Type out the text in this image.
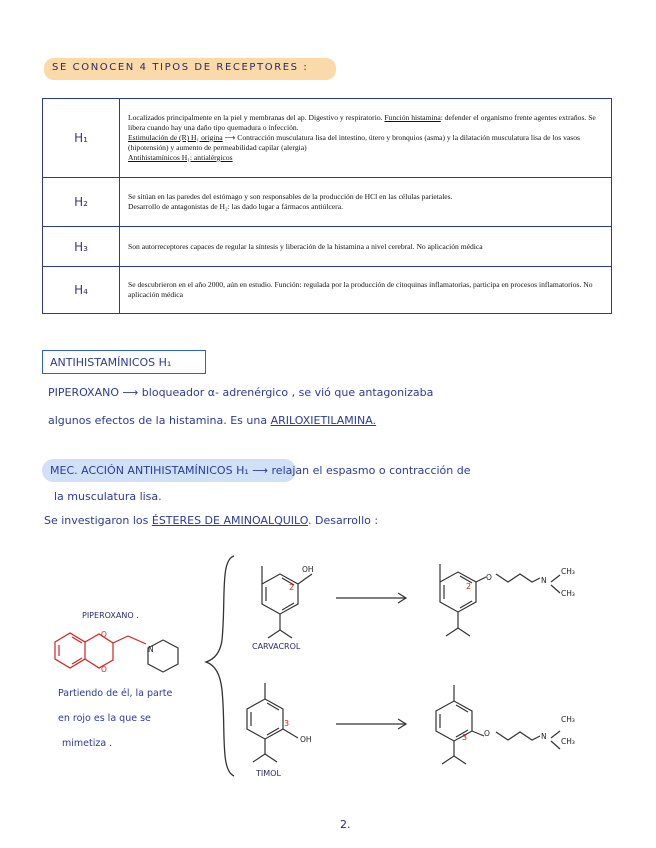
SE CONOCEN 4 TIPOS DE RECEPTORES :
H₁	Localizados principalmente en la piel y membranas del ap. Digestivo y respiratorio. Función histamina: defender el organismo frente agentes extraños. Se libera cuando hay una daño tipo quemadura o infección.
Estimulación de (R) H₁ origina ⟶ Contracción musculatura lisa del intestino, útero y bronquios (asma) y la dilatación musculatura lisa de los vasos (hipotensión) y aumento de permeabilidad capilar (alergia)
Antihistamínicos H₁: antialérgicos

H₂	Se sitúan en las paredes del estómago y son responsables de la producción de HCl en las células parietales.
Desarrollo de antagonistas de H₂: las dado lugar a fármacos antiúlcera.

H₃	Son autorreceptores capaces de regular la síntesis y liberación de la histamina a nivel cerebral. No aplicación médica

H₄	Se descubrieron en el año 2000, aún en estudio. Función: regulada por la producción de citoquinas inflamatorias, participa en procesos inflamatorios. No aplicación médica
ANTIHISTAMÍNICOS H₁
PIPEROXANO ⟶ bloqueador α- adrenérgico , se vió que antagonizaba
algunos efectos de la histamina. Es una ARILOXIETILAMINA.
MEC. ACCIÓN ANTIHISTAMÍNICOS H₁ ⟶ relajan el espasmo o contracción de
la musculatura lisa.
Se investigaron los ÉSTERES DE AMINOALQUILO. Desarrollo :
O
O
N
OH
2
O	N
CH₃
CH₃
2
OH
3
O	N
CH₃
CH₃
3
PIPEROXANO .
CARVACROL
TIMOL
Partiendo de él, la parte
en rojo es la que se
mimetiza .
2.
